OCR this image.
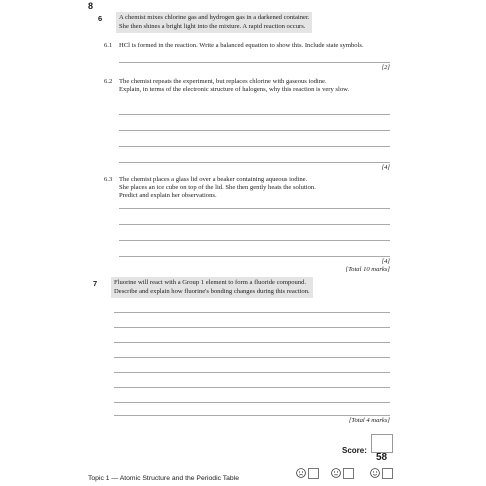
8
6	A chemist mixes chlorine gas and hydrogen gas in a darkened container.
She then shines a bright light into the mixture. A rapid reaction occurs.
6.1 HCl is formed in the reaction. Write a balanced equation to show this. Include state symbols.
[2]
6.2 The chemist repeats the experiment, but replaces chlorine with gaseous iodine.
Explain, in terms of the electronic structure of halogens, why this reaction is very slow.
[4]
6.3 The chemist places a glass lid over a beaker containing aqueous iodine.
She places an ice cube on top of the lid. She then gently heats the solution.
Predict and explain her observations.
[4]
[Total 10 marks]
7	Fluorine will react with a Group 1 element to form a fluoride compound.
Describe and explain how fluorine's bonding changes during this reaction.
[Total 4 marks]
Score:
58
Topic 1 — Atomic Structure and the Periodic Table
